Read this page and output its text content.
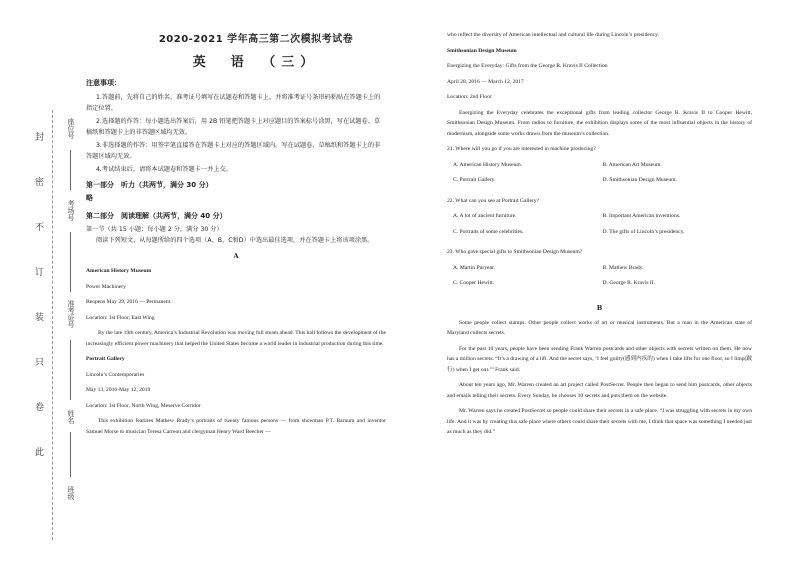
封
密
不
订
装
只
卷
此
座位号
考场号
准考证号
姓名
班级
2020-2021 学年高三第二次模拟考试卷
英　语　（三）
注意事项：

1.答题前，先将自己的姓名、准考证号填写在试题卷和答题卡上，并将准考证号条形码粘贴在答题卡上的指定位置。

2.选择题的作答：每小题选出答案后，用 2B 铅笔把答题卡上对应题目的答案标号涂黑，写在试题卷、草稿纸和答题卡上的非答题区域均无效。

3.非选择题的作答：用签字笔直接答在答题卡上对应的答题区域内。写在试题卷、草稿纸和答题卡上的非答题区域均无效。

4.考试结束后，请将本试题卷和答题卡一并上交。

第一部分　听力（共两节，满分 30 分）
略
第二部分　阅读理解（共两节，满分 40 分）

第一节（共 15 小题；每小题 2 分，满分 30 分）

阅读下列短文，从每题所给的四个选项（A、B、C和D）中选出最佳选项，并在答题卡上将该项涂黑。

A

American History Museum

Power Machinery

Reopens May 29, 2016 — Permanent

Location: 1st Floor, East Wing

By the late 19th century, America’s Industrial Revolution was moving full steam ahead. This hall follows the development of the increasingly efficient power machinery that helped the United States become a world leader in industrial production during this time.

Portrait Gallery

Lincoln’s Contemporaries

May 13, 2016-May 12, 2019

Location: 1st Floor, North Wing, Meserve Corridor

This exhibition features Mathew Brady’s portraits of twenty famous persons — from showman P.T. Barnum and inventor Samuel Morse to musician Teresa Carreon and clergyman Henry Ward Beecher —

who reflect the diversity of American intellectual and cultural life during Lincoln’s presidency.

Smithsonian Design Museum

Energizing the Everyday: Gifts from the George R. Kravis II Collection

April 28, 2016 — March 12, 2017

Location: 2nd Floor

Energizing the Everyday celebrates the exceptional gifts from leading collector George R. Kravis II to Cooper Hewitt, Smithsonian Design Museum. From radios to furniture, the exhibition displays some of the most influential objects in the history of modernism, alongside some works drawn from the museum’s collection.

21. Where will you go if you are interested in machine producing?

A. American History Museum.	B. American Art Museum.
C. Portrait Gallery.	D. Smithsonian Design Museum.

22. What can you see at Portrait Gallery?

A. A lot of ancient furniture.	B. Important American inventions.
C. Portraits of some celebrities.	D. The gifts of Lincoln’s presidency.

23. Who gave special gifts to Smithsonian Design Museum?

A. Martin Puryear.	B. Mathew Brady.
C. Cooper Hewitt.	D. George R. Kravis II.
B

Some people collect stamps. Other people collect works of art or musical instruments. But a man in the American state of Maryland collects secrets.

For the past 10 years, people have been sending Frank Warren postcards and other objects with secrets written on them. He now has a million secrets. “It’s a drawing of a lift. And the secret says, ‘I feel guilty(感到内疚的) when I take lifts for one floor, so I limp(跛行) when I get out.’” Frank said.

About ten years ago, Mr. Warren created an art project called PostSecret. People then began to send him postcards, other objects and emails telling their secrets. Every Sunday, he chooses 10 secrets and puts them on the website.

Mr. Warren says he created PostSecret so people could share their secrets in a safe place. “I was struggling with secrets in my own life. And it was by creating this safe place where others could share their secrets with me, I think that space was something I needed just as much as they did.”
